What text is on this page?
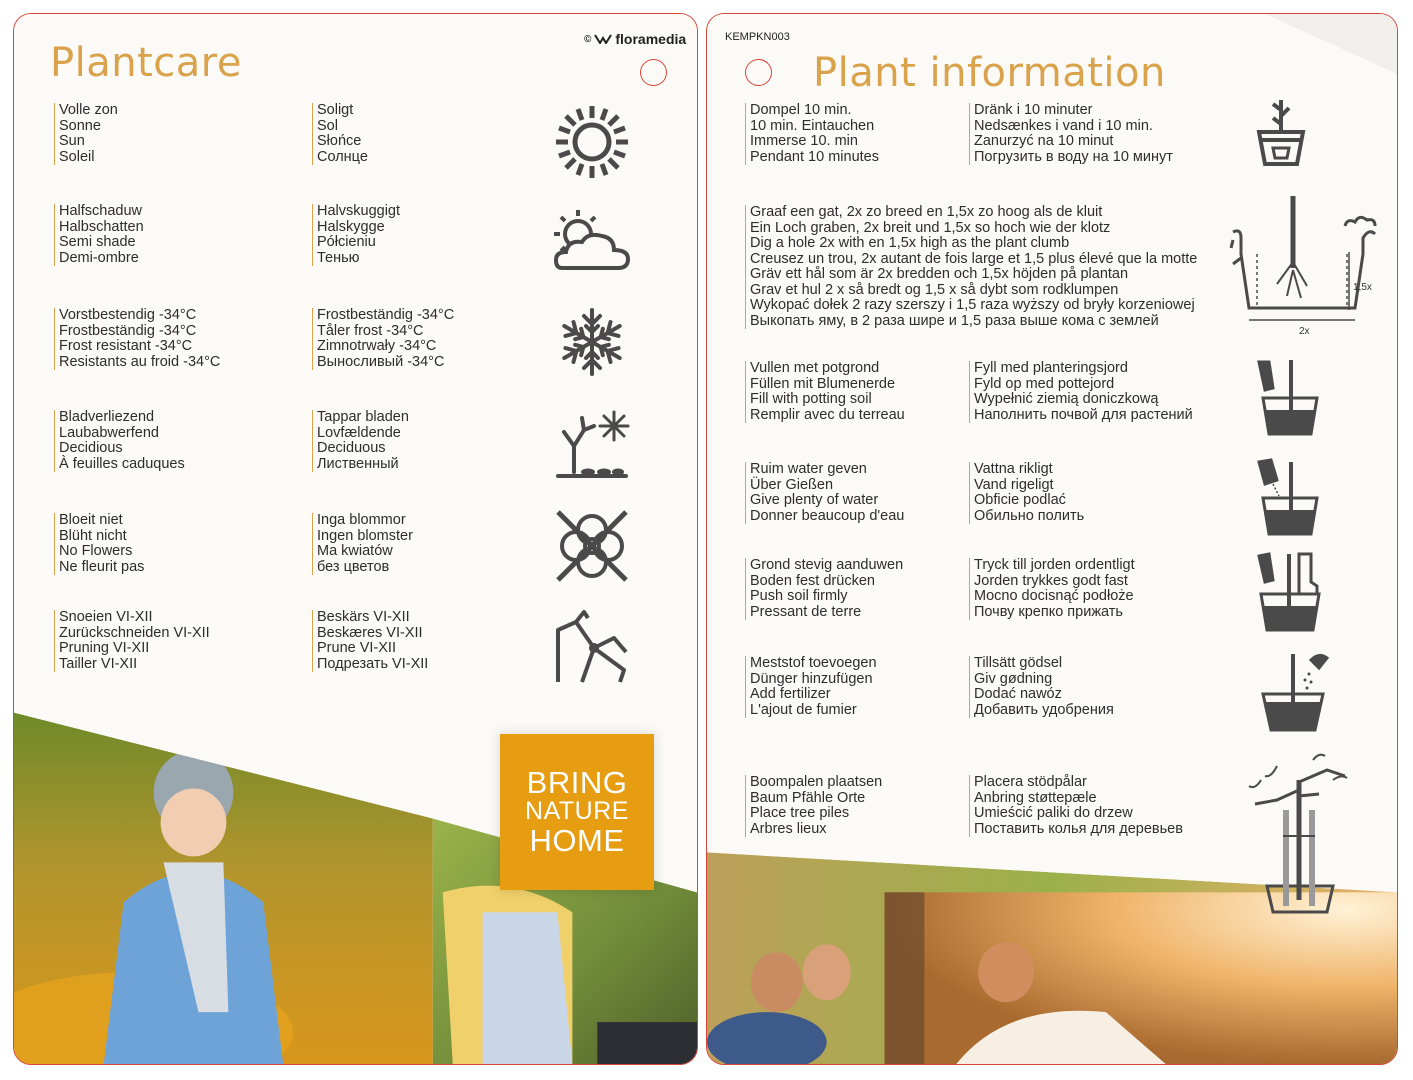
Plantcare
© floramedia
Volle zon
Sonne
Sun
Soleil
Soligt
Sol
Słońce
Солнце
Halfschaduw
Halbschatten
Semi shade
Demi-ombre
Halvskuggigt
Halskygge
Półcieniu
Тенью
Vorstbestendig -34°C
Frostbeständig -34°C
Frost resistant -34°C
Resistants au froid -34°C
Frostbeständig -34°C
Tåler frost -34°C
Zimnotrwały -34°C
Выносливый -34°C
Bladverliezend
Laubabwerfend
Decidious
À feuilles caduques
Tappar bladen
Lovfældende
Deciduous
Лиственный
Bloeit niet
Blüht nicht
No Flowers
Ne fleurit pas
Inga blommor
Ingen blomster
Ma kwiatów
без цветов
Snoeien VI-XII
Zurückschneiden VI-XII
Pruning VI-XII
Tailler VI-XII
Beskärs VI-XII
Beskæres VI-XII
Prune VI-XII
Подрезать VI-XII
BRING
NATURE
HOME
KEMPKN003
Plant information
Dompel 10 min.
10 min. Eintauchen
Immerse 10. min
Pendant 10 minutes
Dränk i 10 minuter
Nedsænkes i vand i 10 min.
Zanurzyć na 10 minut
Погрузить в воду на 10 минут
Graaf een gat, 2x zo breed en 1,5x zo hoog als de kluit
Ein Loch graben, 2x breit und 1,5x so hoch wie der klotz
Dig a hole 2x with en 1,5x high as the plant clumb
Creusez un trou, 2x autant de fois large et 1,5 plus élevé que la motte
Gräv ett hål som är 2x bredden och 1,5x höjden på plantan
Grav et hul 2 x så bredt og 1,5 x så dybt som rodklumpen
Wykopać dołek 2 razy szerszy i 1,5 raza wyższy od bryły korzeniowej
Выкопать яму, в 2 раза шире и 1,5 раза выше кома с землей
1,5x
2x
Vullen met potgrond
Füllen mit Blumenerde
Fill with potting soil
Remplir avec du terreau
Fyll med planteringsjord
Fyld op med pottejord
Wypełnić ziemią doniczkową
Наполнить почвой для растений
Ruim water geven
Über Gießen
Give plenty of water
Donner beaucoup d'eau
Vattna rikligt
Vand rigeligt
Obficie podlać
Обильно полить
Grond stevig aanduwen
Boden fest drücken
Push soil firmly
Pressant de terre
Tryck till jorden ordentligt
Jorden trykkes godt fast
Mocno docisnąć podłoże
Почву крепко прижать
Meststof toevoegen
Dünger hinzufügen
Add fertilizer
L'ajout de fumier
Tillsätt gödsel
Giv gødning
Dodać nawóz
Добавить удобрения
Boompalen plaatsen
Baum Pfähle Orte
Place tree piles
Arbres lieux
Placera stödpålar
Anbring støttepæle
Umieścić paliki do drzew
Поставить колья для деревьев
